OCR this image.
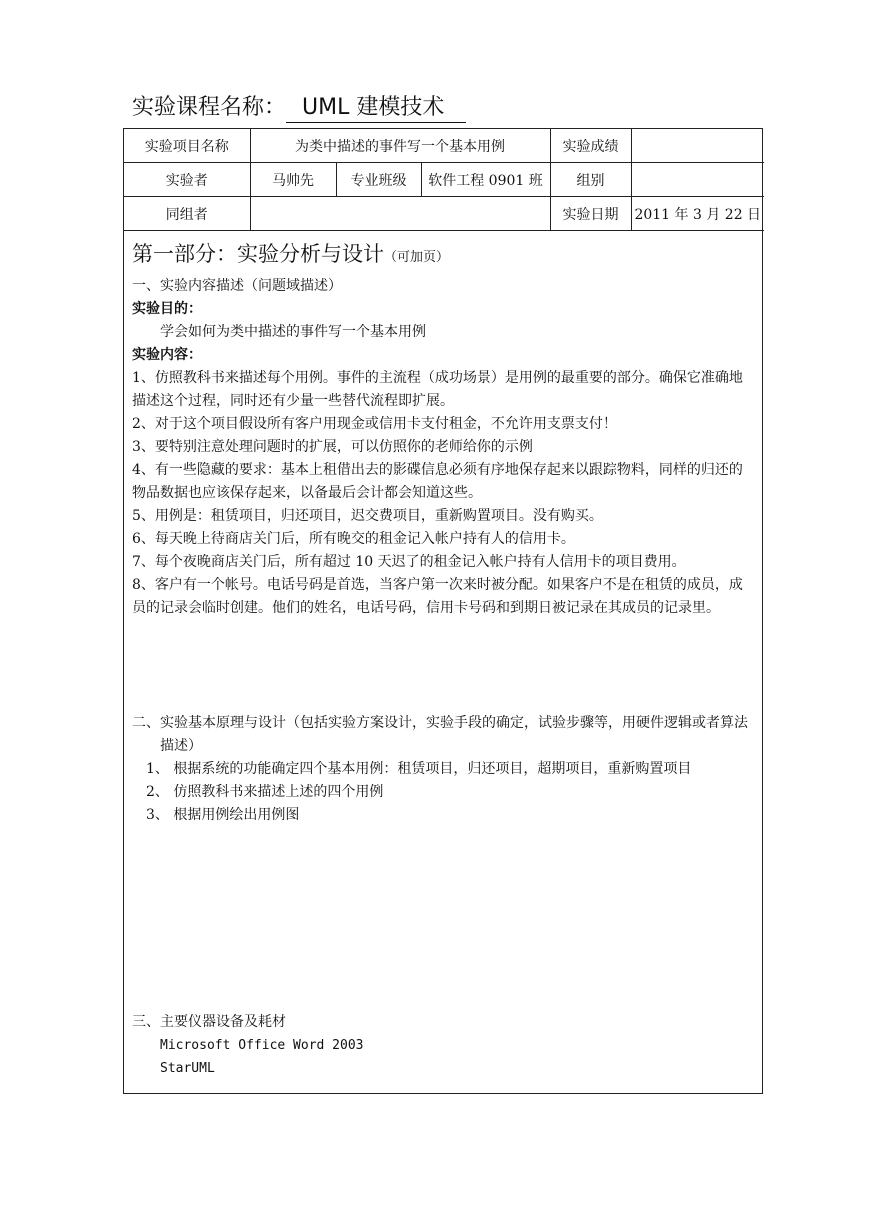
实验课程名称： UML 建模技术
实验项目名称	为类中描述的事件写一个基本用例			实验成绩	
实验者	马帅先	专业班级	软件工程 0901 班	组别	
同组者				实验日期	2011 年 3 月 22 日
第一部分：实验分析与设计（可加页）

一、实验内容描述（问题域描述）

实验目的：

学会如何为类中描述的事件写一个基本用例

实验内容：

1、仿照教科书来描述每个用例。事件的主流程（成功场景）是用例的最重要的部分。确保它准确地描述这个过程，同时还有少量一些替代流程即扩展。

2、对于这个项目假设所有客户用现金或信用卡支付租金，不允许用支票支付！

3、要特别注意处理问题时的扩展，可以仿照你的老师给你的示例

4、有一些隐藏的要求：基本上租借出去的影碟信息必须有序地保存起来以跟踪物料，同样的归还的物品数据也应该保存起来，以备最后会计都会知道这些。

5、用例是：租赁项目，归还项目，迟交费项目，重新购置项目。没有购买。

6、每天晚上待商店关门后，所有晚交的租金记入帐户持有人的信用卡。

7、每个夜晚商店关门后，所有超过 10 天迟了的租金记入帐户持有人信用卡的项目费用。

8、客户有一个帐号。电话号码是首选，当客户第一次来时被分配。如果客户不是在租赁的成员，成员的记录会临时创建。他们的姓名，电话号码，信用卡号码和到期日被记录在其成员的记录里。

二、实验基本原理与设计（包括实验方案设计，实验手段的确定，试验步骤等，用硬件逻辑或者算法描述）

1、 根据系统的功能确定四个基本用例：租赁项目，归还项目，超期项目，重新购置项目

2、 仿照教科书来描述上述的四个用例

3、 根据用例绘出用例图

三、主要仪器设备及耗材

Microsoft Office Word 2003

StarUML
